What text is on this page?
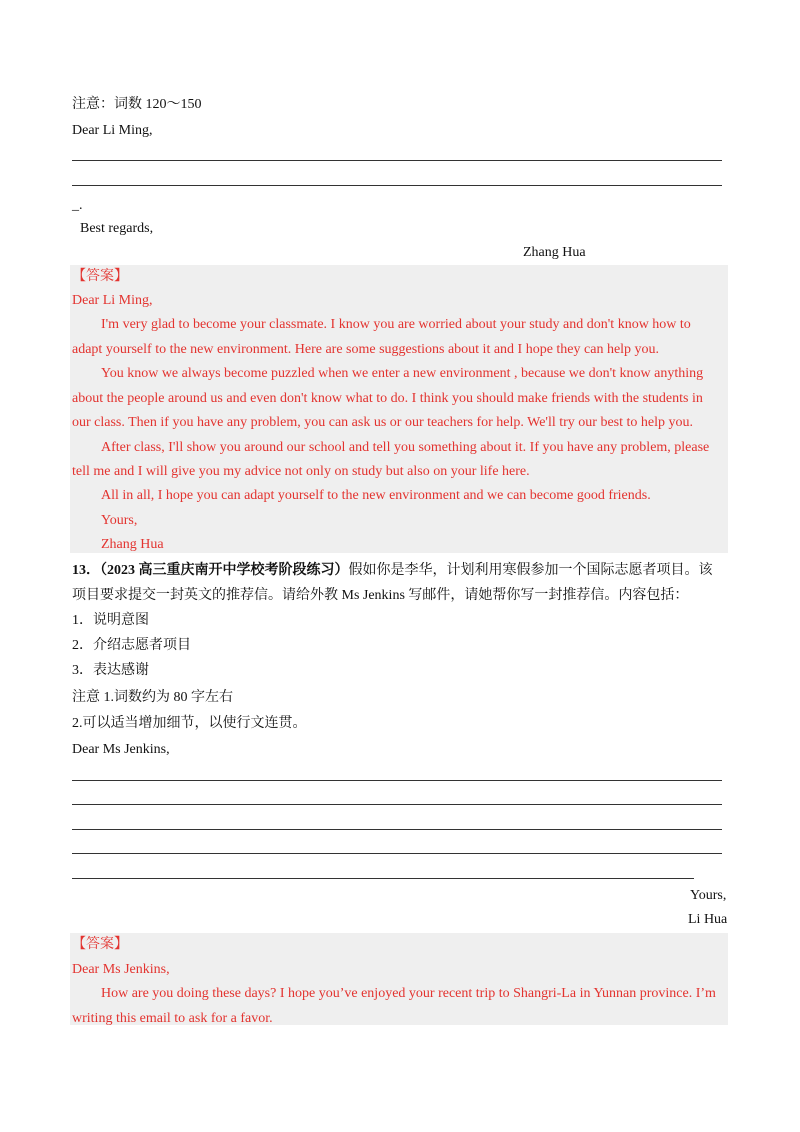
注意：词数 120～150
Dear Li Ming,
_.
Best regards,
Zhang Hua
【答案】
Dear Li Ming,
I'm very glad to become your classmate. I know you are worried about your study and don't know how to
adapt yourself to the new environment. Here are some suggestions about it and I hope they can help you.
You know we always become puzzled when we enter a new environment , because we don't know anything
about the people around us and even don't know what to do. I think you should make friends with the students in
our class. Then if you have any problem, you can ask us or our teachers for help. We'll try our best to help you.
After class, I'll show you around our school and tell you something about it. If you have any problem, please
tell me and I will give you my advice not only on study but also on your life here.
All in all, I hope you can adapt yourself to the new environment and we can become good friends.
Yours,
Zhang Hua
13．（2023 高三重庆南开中学校考阶段练习）假如你是李华，计划利用寒假参加一个国际志愿者项目。该
项目要求提交一封英文的推荐信。请给外教 Ms Jenkins 写邮件，请她帮你写一封推荐信。内容包括：
1．说明意图
2．介绍志愿者项目
3．表达感谢
注意 1.词数约为 80 字左右
2.可以适当增加细节，以使行文连贯。
Dear Ms Jenkins,
Yours,
Li Hua
【答案】
Dear Ms Jenkins,
How are you doing these days? I hope you’ve enjoyed your recent trip to Shangri-La in Yunnan province. I’m
writing this email to ask for a favor.
